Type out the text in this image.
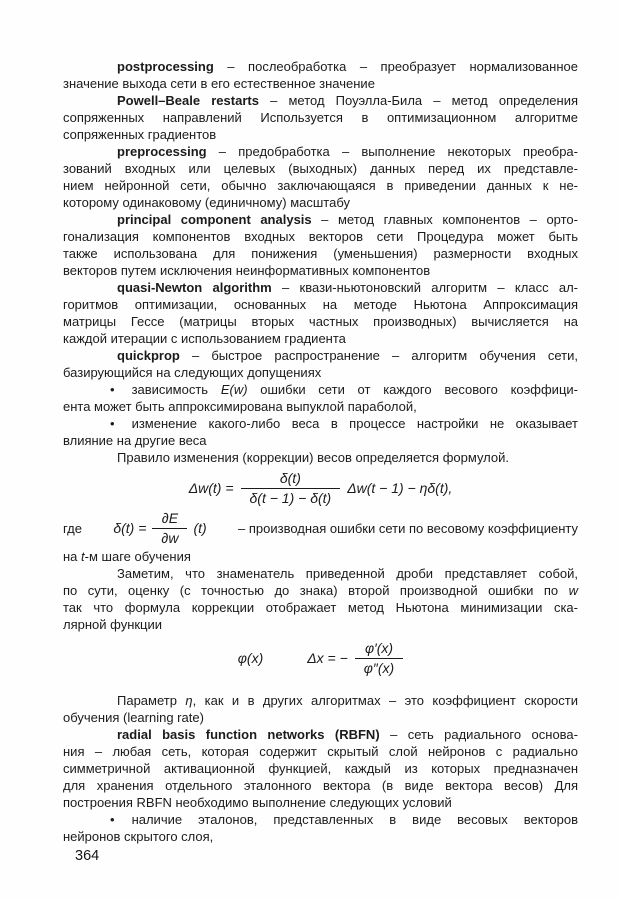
postprocessing – послеобработка – преобразует нормализованное
значение выхода сети в его естественное значение
Powell–Beale restarts – метод Поуэлла-Била – метод определения
сопряженных направлений Используется в оптимизационном алгоритме
сопряженных градиентов
preprocessing – предобработка – выполнение некоторых преобра-
зований входных или целевых (выходных) данных перед их представле-
нием нейронной сети, обычно заключающаяся в приведении данных к не-
которому одинаковому (единичному) масштабу
principal component analysis – метод главных компонентов – орто-
гонализация компонентов входных векторов сети Процедура может быть
также использована для понижения (уменьшения) размерности входных
векторов путем исключения неинформативных компонентов
quasi-Newton algorithm – квази-ньютоновский алгоритм – класс ал-
горитмов оптимизации, основанных на методе Ньютона Аппроксимация
матрицы Гессе (матрицы вторых частных производных) вычисляется на
каждой итерации с использованием градиента
quickprop – быстрое распространение – алгоритм обучения сети,
базирующийся на следующих допущениях
• зависимость E(w) ошибки сети от каждого весового коэффици-
ента может быть аппроксимирована выпуклой параболой,
• изменение какого-либо веса в процессе настройки не оказывает
влияние на другие веса
Правило изменения (коррекции) весов определяется формулой.
$\Delta w(t) = \frac{\delta(t)}{\delta(t - 1) - \delta(t)} \Delta w(t - 1) - \eta\delta(t)$,
где $\delta(t) = \frac{\partial E}{\partial w} (t)$ – производная ошибки сети по весовому коэффициенту
на t-м шаге обучения
Заметим, что знаменатель приведенной дроби представляет собой,
по сути, оценку (с точностью до знака) второй производной ошибки по w
так что формула коррекции отображает метод Ньютона минимизации ска-
лярной функции
φ(x)	Δx = − $\frac{\varphi'(x)}{\varphi''(x)}$
Параметр η, как и в других алгоритмах – это коэффициент скорости
обучения (learning rate)
radial basis function networks (RBFN) – сеть радиального основа-
ния – любая сеть, которая содержит скрытый слой нейронов с радиально
симметричной активационной функцией, каждый из которых предназначен
для хранения отдельного эталонного вектора (в виде вектора весов) Для
построения RBFN необходимо выполнение следующих условий
• наличие эталонов, представленных в виде весовых векторов
нейронов скрытого слоя,
364
